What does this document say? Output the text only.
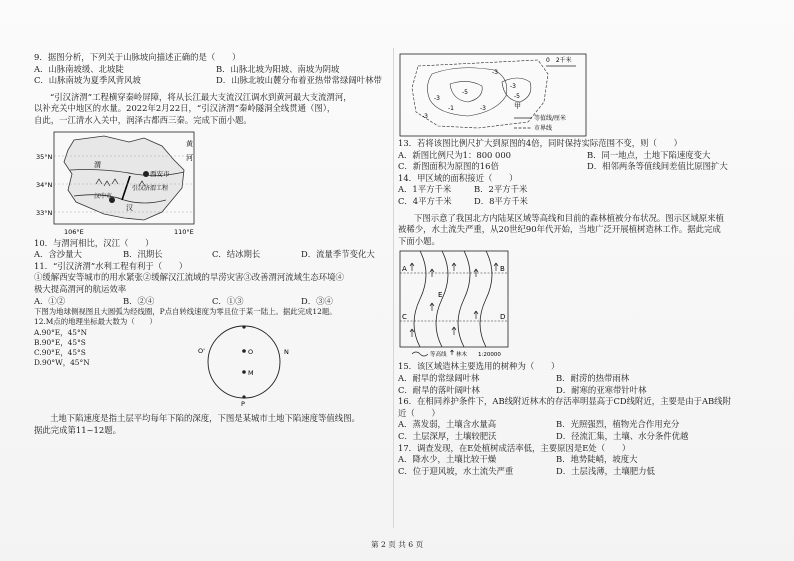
9．据图分析，下列关于山脉坡向描述正确的是（　　）
A．山脉南坡缓、北坡陡	B．山脉北坡为阳坡、南坡为阴坡
C．山脉南坡为夏季风背风坡	D．山脉北坡山麓分布着亚热带常绿阔叶林带
“引汉济渭”工程横穿秦岭屏障，将从长江最大支流汉江调水到黄河最大支流渭河，
以补充关中地区的水量。2022年2月22日，“引汉济渭”秦岭隧洞全线贯通（图），
自此，一江清水入关中，润泽古都西三秦。完成下面小题。
35°N
34°N
33°N
106°E	110°E
渭
黄
河
西安市
汉中市
引汉济渭工程
汉
10．与渭河相比，汉江（　　）
A．含沙量大	B．汛期长	C．结冰期长	D．流量季节变化大
11．“引汉济渭”水利工程有利于（　　）
①缓解西安等城市的用水紧张②缓解汉江流域的旱涝灾害③改善渭河流域生态环境④
极大提高渭河的航运效率
A．①②	B．②④	C．①③	D．③④
下图为地球侧视图且大圆弧为经线圈，P点自转线速度为零且位于某一陆上。据此完成12题。
12.M点的地理坐标最大数为（　　）
A.90°E，45°N
B.90°E，45°S
C.90°E，45°S
D.90°W，45°N
O'	O	N
M
P
土地下陷速度是指土层平均每年下陷的深度，下图是某城市土地下陷速度等值线图。
据此完成第11~12题。
-3
-3
-5
-3
-3
-5
-1	-3	甲
0　2千米
等值线/厘米
市界线
13．若将该图比例尺扩大到原图的4倍，同时保持实际范围不变，则（　　）
A．新图比例尺为1：800 000	B．同一地点，土地下陷速度变大
C．新图面积为原图的16倍	D．相邻两条等值线间差值比原图扩大
14．甲区域的面积接近（　　）
A．1平方千米	B．2平方千米
C．4平方千米	D．8平方千米
下图示意了我国北方内陆某区域等高线和目前的森林植被分布状况。图示区域原来植
被稀少，水土流失严重，从20世纪90年代开始，当地广泛开展植树造林工作。据此完成
下面小题。
A	B
C	D
E
等高线 林木 1:20000
15．该区域造林主要选用的树种为（　　）
A．耐旱的常绿阔叶林	B．耐涝的热带雨林
C．耐旱的落叶阔叶林	D．耐寒的亚寒带针叶林
16．在相同养护条件下，AB线附近林木的存活率明显高于CD线附近，主要是由于AB线附
近（　　）
A．蒸发弱，土壤含水量高	B．光照强烈，植物光合作用充分
C．土层深厚，土壤较肥沃	D．径流汇集，土壤、水分条件优越
17．调查发现，在E处植树成活率低，主要原因是E处（　　）
A．降水少，土壤比较干燥	B．地势陡峭，坡度大
C．位于迎风坡，水土流失严重	D．土层浅薄，土壤肥力低
第 2 页 共 6 页
